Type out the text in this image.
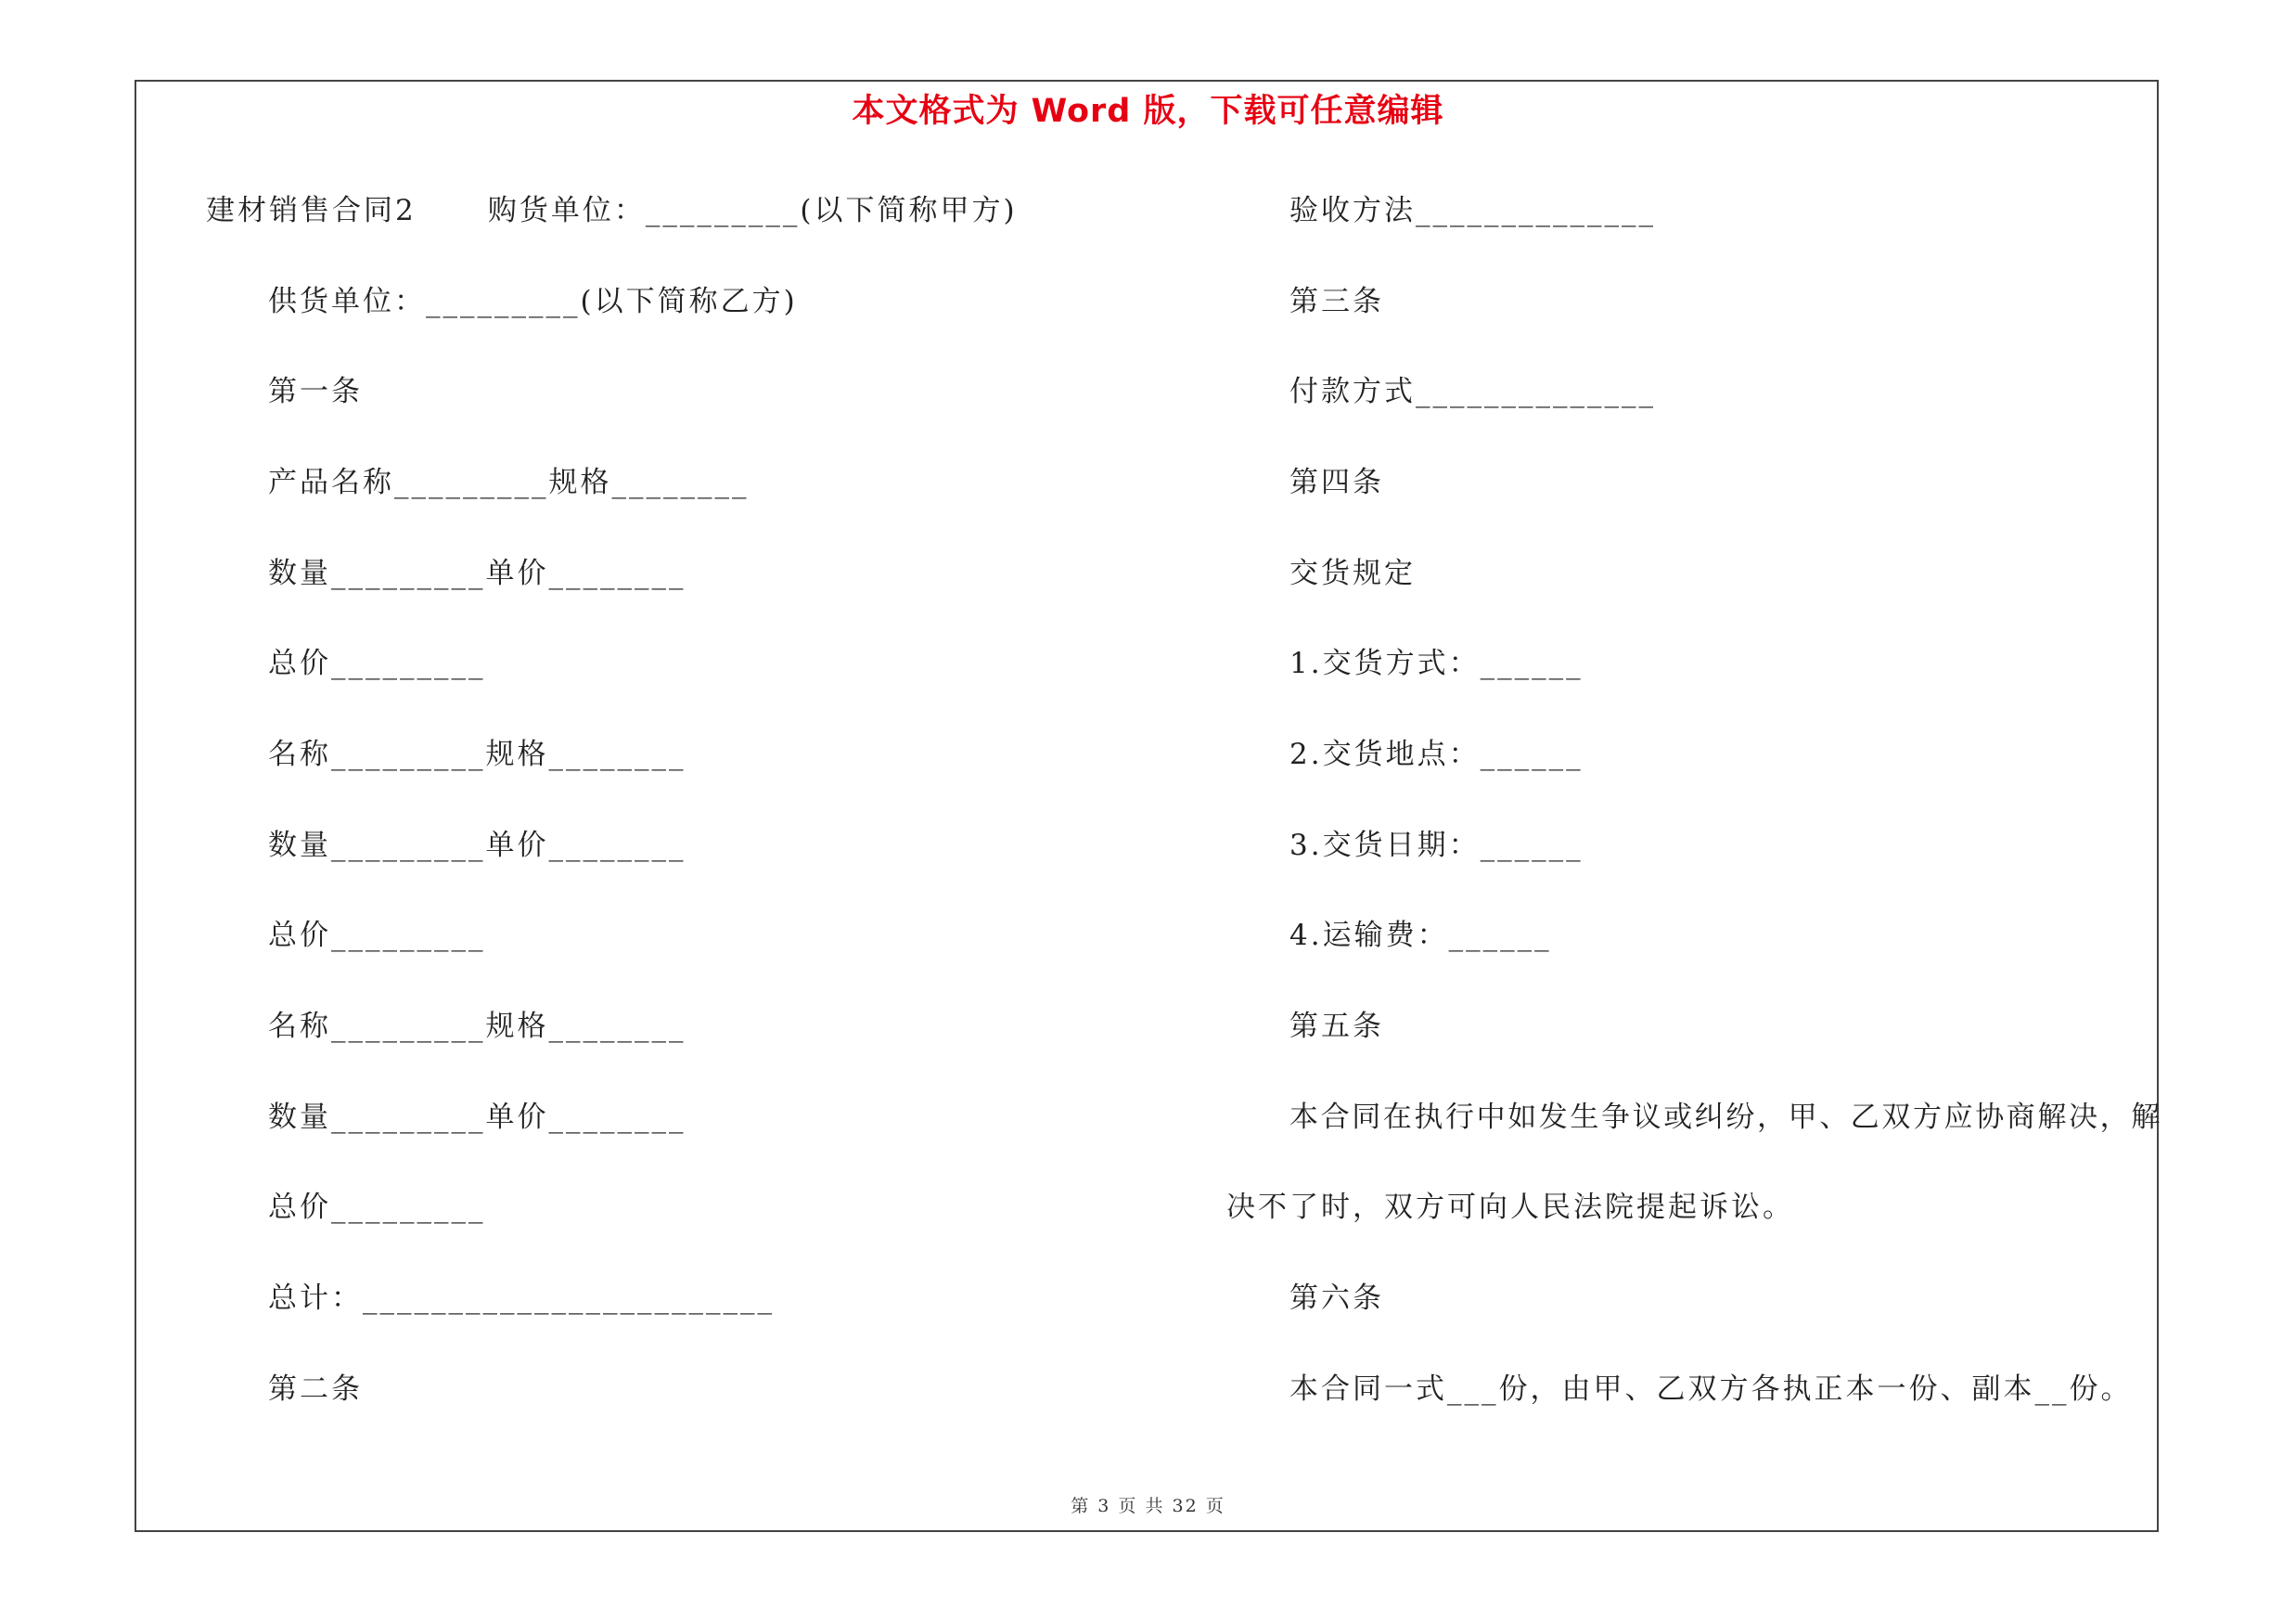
本文格式为 Word 版，下载可任意编辑
建材销售合同2      购货单位：_________(以下简称甲方)
供货单位：_________(以下简称乙方)
第一条
产品名称_________规格________
数量_________单价________
总价_________
名称_________规格________
数量_________单价________
总价_________
名称_________规格________
数量_________单价________
总价_________
总计：________________________
第二条
验收方法______________
第三条
付款方式______________
第四条
交货规定
1.交货方式：______
2.交货地点：______
3.交货日期：______
4.运输费：______
第五条
本合同在执行中如发生争议或纠纷，甲、乙双方应协商解决，解
决不了时，双方可向人民法院提起诉讼。
第六条
本合同一式___份，由甲、乙双方各执正本一份、副本__份。
第 3 页 共 32 页
